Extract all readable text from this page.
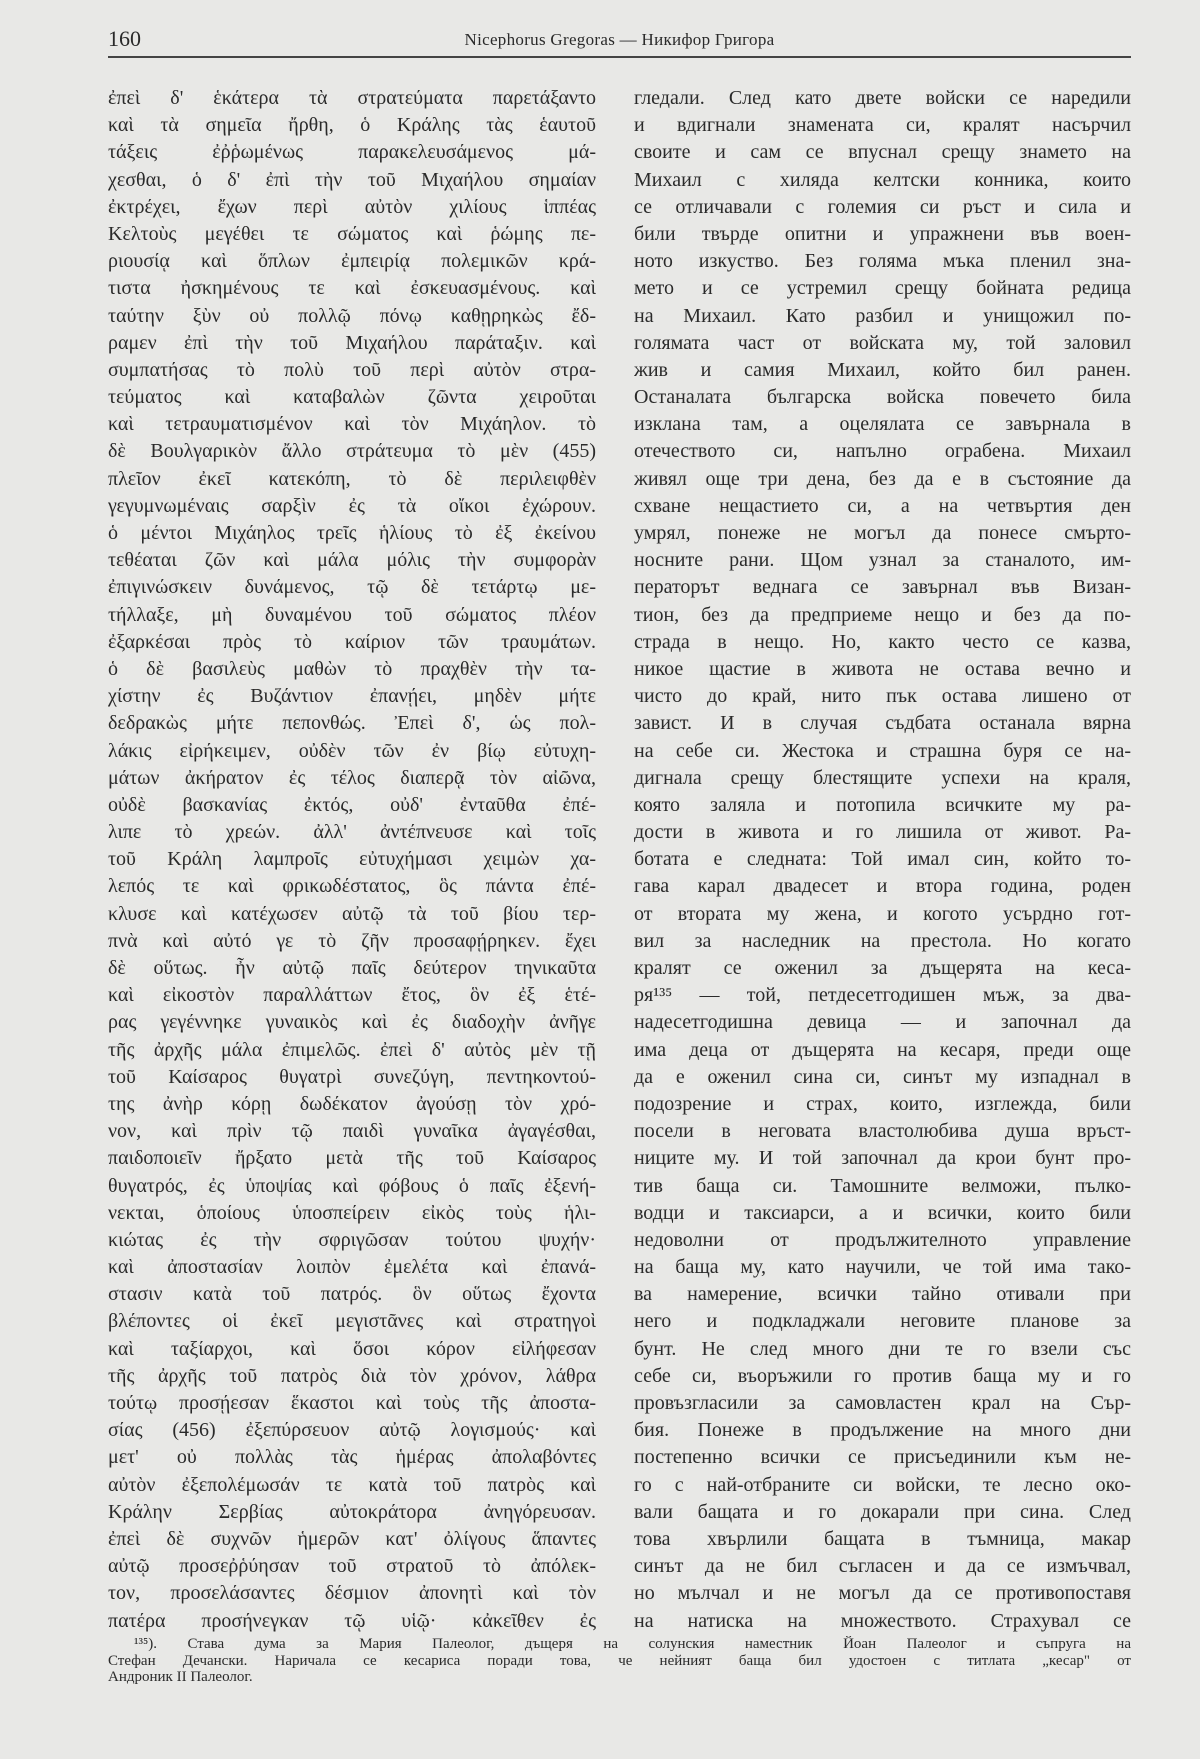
160	Nicephorus Gregoras — Никифор Григора
ἐπεὶ δ' ἑκάτερα τὰ στρατεύματα παρετάξαντο
καὶ τὰ σημεῖα ἤρθη, ὁ Κράλης τὰς ἑαυτοῦ
τάξεις ἐῤῥωμένως παρακελευσάμενος μά-
χεσθαι, ὁ δ' ἐπὶ τὴν τοῦ Μιχαήλου σημαίαν
ἐκτρέχει, ἔχων περὶ αὐτὸν χιλίους ἱππέας
Κελτοὺς μεγέθει τε σώματος καὶ ῥώμης πε-
ριουσίᾳ καὶ ὅπλων ἐμπειρίᾳ πολεμικῶν κρά-
τιστα ἠσκημένους τε καὶ ἐσκευασμένους. καὶ
ταύτην ξὺν οὐ πολλῷ πόνῳ καθῃρηκὼς ἔδ-
ραμεν ἐπὶ τὴν τοῦ Μιχαήλου παράταξιν. καὶ
συμπατήσας τὸ πολὺ τοῦ περὶ αὐτὸν στρα-
τεύματος καὶ καταβαλὼν ζῶντα χειροῦται
καὶ τετραυματισμένον καὶ τὸν Μιχάηλον. τὸ
δὲ Βουλγαρικὸν ἄλλο στράτευμα τὸ μὲν (455)
πλεῖον ἐκεῖ κατεκόπη, τὸ δὲ περιλειφθὲν
γεγυμνωμέναις σαρξὶν ἐς τὰ οἴκοι ἐχώρουν.
ὁ μέντοι Μιχάηλος τρεῖς ἡλίους τὸ ἐξ ἐκείνου
τεθέαται ζῶν καὶ μάλα μόλις τὴν συμφορὰν
ἐπιγινώσκειν δυνάμενος, τῷ δὲ τετάρτῳ με-
τήλλαξε, μὴ δυναμένου τοῦ σώματος πλέον
ἐξαρκέσαι πρὸς τὸ καίριον τῶν τραυμάτων.
ὁ δὲ βασιλεὺς μαθὼν τὸ πραχθὲν τὴν τα-
χίστην ἐς Βυζάντιον ἐπανῄει, μηδὲν μήτε
δεδρακὼς μήτε πεπονθώς. Ἐπεὶ δ', ὡς πολ-
λάκις εἰρήκειμεν, οὐδὲν τῶν ἐν βίῳ εὐτυχη-
μάτων ἀκήρατον ἐς τέλος διαπερᾷ τὸν αἰῶνα,
οὐδὲ βασκανίας ἐκτός, οὐδ' ἐνταῦθα ἐπέ-
λιπε τὸ χρεών. ἀλλ' ἀντέπνευσε καὶ τοῖς
τοῦ Κράλη λαμπροῖς εὐτυχήμασι χειμὼν χα-
λεπός τε καὶ φρικωδέστατος, ὃς πάντα ἐπέ-
κλυσε καὶ κατέχωσεν αὐτῷ τὰ τοῦ βίου τερ-
πνὰ καὶ αὐτό γε τὸ ζῆν προσαφῄρηκεν. ἔχει
δὲ οὕτως. ἦν αὐτῷ παῖς δεύτερον τηνικαῦτα
καὶ εἰκοστὸν παραλλάττων ἔτος, ὃν ἐξ ἑτέ-
ρας γεγέννηκε γυναικὸς καὶ ἐς διαδοχὴν ἀνῆγε
τῆς ἀρχῆς μάλα ἐπιμελῶς. ἐπεὶ δ' αὐτὸς μὲν τῇ
τοῦ Καίσαρος θυγατρὶ συνεζύγη, πεντηκοντού-
της ἀνὴρ κόρῃ δωδέκατον ἀγούσῃ τὸν χρό-
νον, καὶ πρὶν τῷ παιδὶ γυναῖκα ἀγαγέσθαι,
παιδοποιεῖν ἤρξατο μετὰ τῆς τοῦ Καίσαρος
θυγατρός, ἐς ὑποψίας καὶ φόβους ὁ παῖς ἐξενή-
νεκται, ὁποίους ὑποσπείρειν εἰκὸς τοὺς ἡλι-
κιώτας ἐς τὴν σφριγῶσαν τούτου ψυχήν·
καὶ ἀποστασίαν λοιπὸν ἐμελέτα καὶ ἐπανά-
στασιν κατὰ τοῦ πατρός. ὃν οὕτως ἔχοντα
βλέποντες οἱ ἐκεῖ μεγιστᾶνες καὶ στρατηγοὶ
καὶ ταξίαρχοι, καὶ ὅσοι κόρον εἰλήφεσαν
τῆς ἀρχῆς τοῦ πατρὸς διὰ τὸν χρόνον, λάθρα
τούτῳ προσῄεσαν ἕκαστοι καὶ τοὺς τῆς ἀποστα-
σίας (456) ἐξεπύρσευον αὐτῷ λογισμούς· καὶ
μετ' οὐ πολλὰς τὰς ἡμέρας ἀπολαβόντες
αὐτὸν ἐξεπολέμωσάν τε κατὰ τοῦ πατρὸς καὶ
Κράλην Σερβίας αὐτοκράτορα ἀνηγόρευσαν.
ἐπεὶ δὲ συχνῶν ἡμερῶν κατ' ὀλίγους ἅπαντες
αὐτῷ προσεῤῥύησαν τοῦ στρατοῦ τὸ ἀπόλεκ-
τον, προσελάσαντες δέσμιον ἀπονητὶ καὶ τὸν
πατέρα προσήνεγκαν τῷ υἱῷ· κἀκεῖθεν ἐς
гледали. След като двете войски се наредили
и вдигнали знамената си, кралят насърчил
своите и сам се впуснал срещу знамето на
Михаил с хиляда келтски конника, които
се отличавали с големия си ръст и сила и
били твърде опитни и упражнени във воен-
ното изкуство. Без голяма мъка пленил зна-
мето и се устремил срещу бойната редица
на Михаил. Като разбил и унищожил по-
голямата част от войската му, той заловил
жив и самия Михаил, който бил ранен.
Останалата българска войска повечето била
изклана там, а оцелялата се завърнала в
отечеството си, напълно ограбена. Михаил
живял още три дена, без да е в състояние да
схване нещастието си, а на четвъртия ден
умрял, понеже не могъл да понесе смърто-
носните рани. Щом узнал за станалото, им-
ператорът веднага се завърнал във Визан-
тион, без да предприеме нещо и без да по-
страда в нещо. Но, както често се казва,
никое щастие в живота не остава вечно и
чисто до край, нито пък остава лишено от
завист. И в случая съдбата останала вярна
на себе си. Жестока и страшна буря се на-
дигнала срещу блестящите успехи на краля,
която заляла и потопила всичките му ра-
дости в живота и го лишила от живот. Ра-
ботата е следната: Той имал син, който то-
гава карал двадесет и втора година, роден
от втората му жена, и когото усърдно гот-
вил за наследник на престола. Но когато
кралят се оженил за дъщерята на кеса-
ря¹³⁵ — той, петдесетгодишен мъж, за два-
надесетгодишна девица — и започнал да
има деца от дъщерята на кесаря, преди още
да е оженил сина си, синът му изпаднал в
подозрение и страх, които, изглежда, били
посели в неговата властолюбива душа връст-
ниците му. И той започнал да крои бунт про-
тив баща си. Тамошните велможи, пълко-
водци и таксиарси, а и всички, които били
недоволни от продължителното управление
на баща му, като научили, че той има тако-
ва намерение, всички тайно отивали при
него и подкладжали неговите планове за
бунт. Не след много дни те го взели със
себе си, въоръжили го против баща му и го
провъзгласили за самовластен крал на Сър-
бия. Понеже в продължение на много дни
постепенно всички се присъединили към не-
го с най-отбраните си войски, те лесно око-
вали бащата и го докарали при сина. След
това хвърлили бащата в тъмница, макар
синът да не бил съгласен и да се измъчвал,
но мълчал и не могъл да се противопоставя
на натиска на множеството. Страхувал се
¹³⁵). Става дума за Мария Палеолог, дъщеря на солунския наместник Йоан Палеолог и съпруга на
Стефан Дечански. Наричала се кесариса поради това, че нейният баща бил удостоен с титлата „кесар" от
Андроник II Палеолог.
